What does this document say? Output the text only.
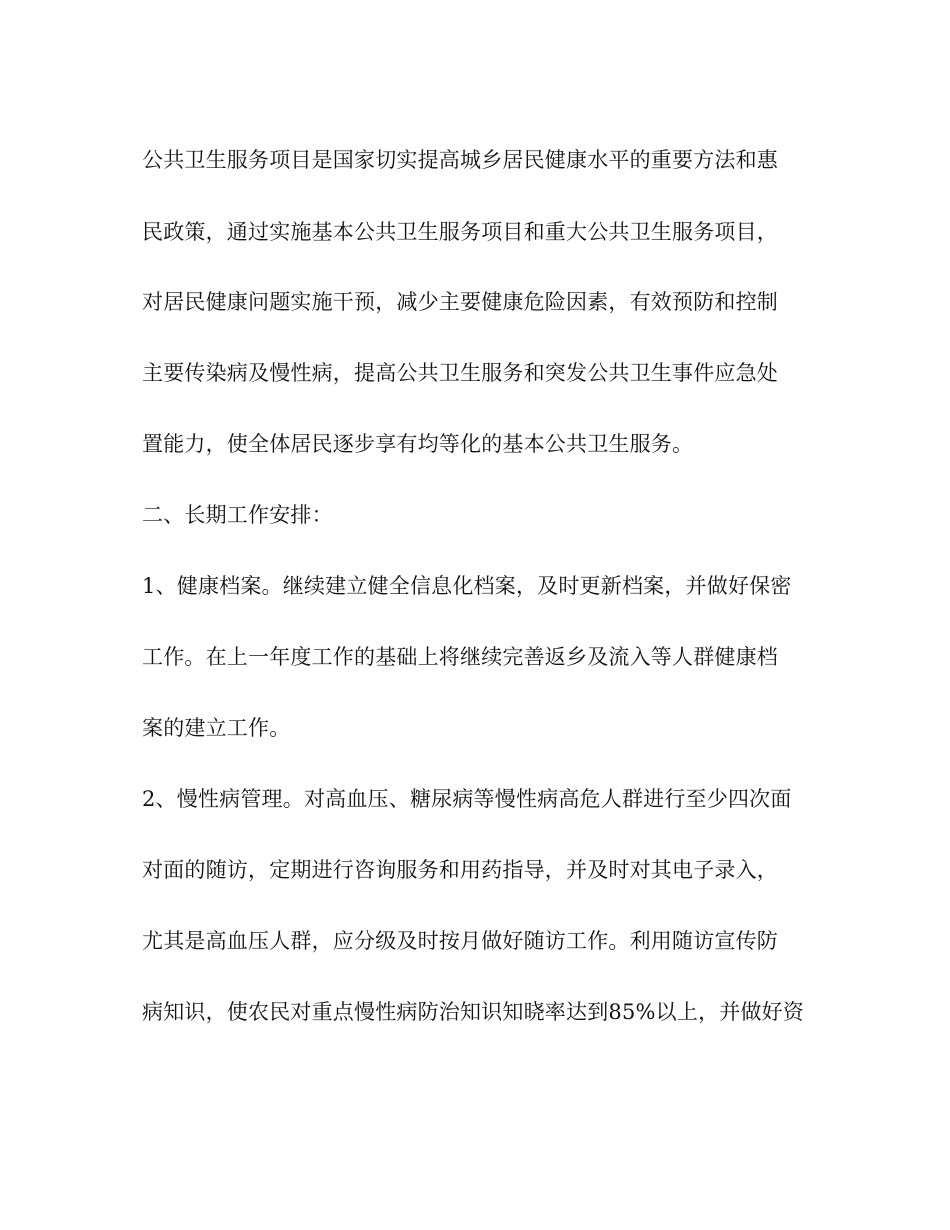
公共卫生服务项目是国家切实提高城乡居民健康水平的重要方法和惠
民政策，通过实施基本公共卫生服务项目和重大公共卫生服务项目，
对居民健康问题实施干预，减少主要健康危险因素，有效预防和控制
主要传染病及慢性病，提高公共卫生服务和突发公共卫生事件应急处
置能力，使全体居民逐步享有均等化的基本公共卫生服务。
二、长期工作安排：
1、健康档案。继续建立健全信息化档案，及时更新档案，并做好保密
工作。在上一年度工作的基础上将继续完善返乡及流入等人群健康档
案的建立工作。
2、慢性病管理。对高血压、糖尿病等慢性病高危人群进行至少四次面
对面的随访，定期进行咨询服务和用药指导，并及时对其电子录入，
尤其是高血压人群，应分级及时按月做好随访工作。利用随访宣传防
病知识，使农民对重点慢性病防治知识知晓率达到85%以上，并做好资
